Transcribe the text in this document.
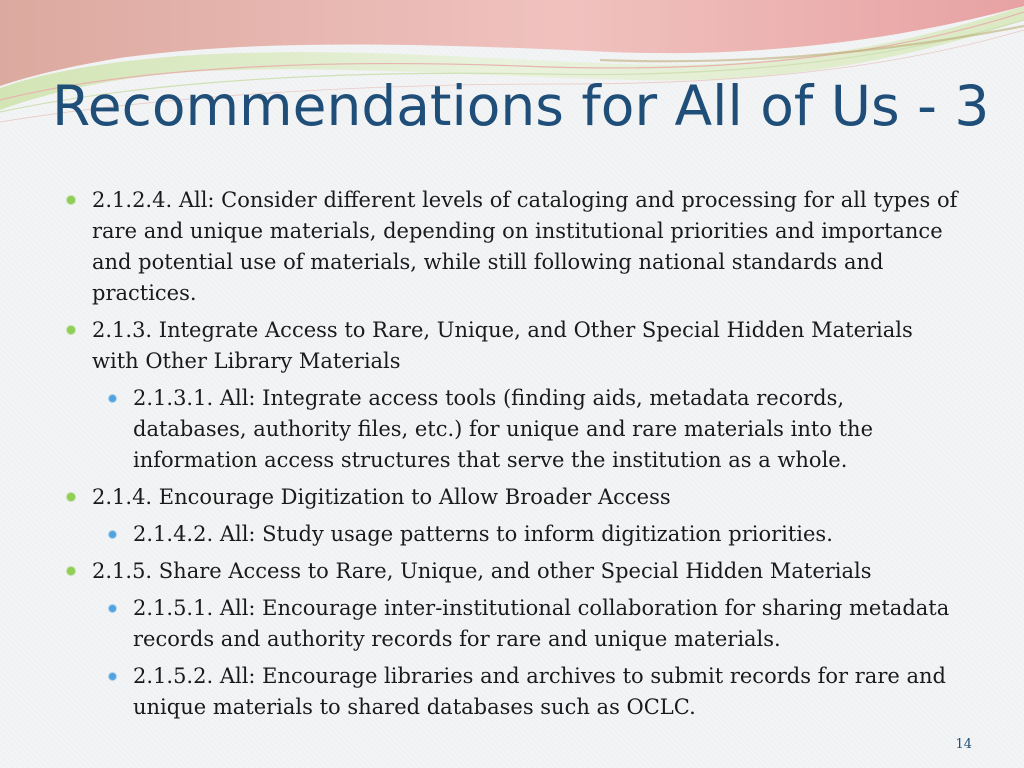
Recommendations for All of Us - 3
2.1.2.4. All: Consider different levels of cataloging and processing for all types of rare and unique materials, depending on institutional priorities and importance and potential use of materials, while still following national standards and practices.
2.1.3. Integrate Access to Rare, Unique, and Other Special Hidden Materials with Other Library Materials
2.1.3.1. All: Integrate access tools (finding aids, metadata records, databases, authority files, etc.) for unique and rare materials into the information access structures that serve the institution as a whole.
2.1.4. Encourage Digitization to Allow Broader Access
2.1.4.2. All: Study usage patterns to inform digitization priorities.
2.1.5. Share Access to Rare, Unique, and other Special Hidden Materials
2.1.5.1. All: Encourage inter-institutional collaboration for sharing metadata records and authority records for rare and unique materials.
2.1.5.2. All: Encourage libraries and archives to submit records for rare and unique materials to shared databases such as OCLC.
14
